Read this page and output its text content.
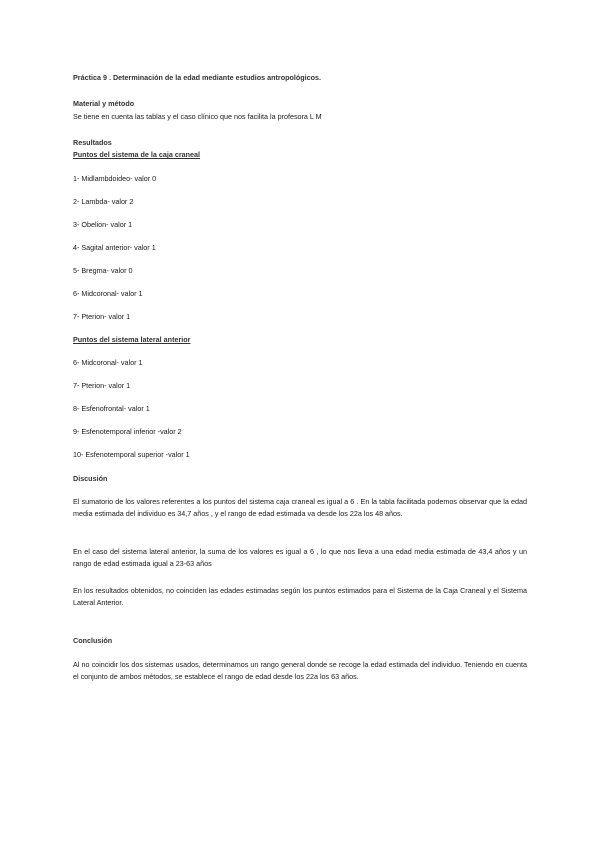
Práctica 9 . Determinación de la edad mediante estudios antropológicos.

Material y método

Se tiene en cuenta las tablas y el caso clínico que nos facilita la profesora L M

Resultados

Puntos del sistema de la caja craneal

1- Midlambdoideo- valor 0

2- Lambda- valor 2

3- Obelion- valor 1

4- Sagital anterior- valor 1

5- Bregma- valor 0

6- Midcoronal- valor 1

7- Pterion- valor 1

Puntos del sistema lateral anterior

6- Midcoronal- valor 1

7- Pterion- valor 1

8- Esfenofrontal- valor 1

9- Esfenotemporal inferior -valor 2

10- Esfenotemporal superior -valor 1

Discusión

El sumatorio de los valores referentes a los puntos del sistema caja craneal es igual a 6 . En la tabla facilitada podemos observar que la edad media estimada del individuo es 34,7 años , y el rango de edad estimada va desde los 22a los 48 años.

En el caso del sistema lateral anterior, la suma de los valores es igual a 6 , lo que nos lleva a una edad media estimada de 43,4 años y un rango de edad estimada igual a 23-63 años

En los resultados obtenidos, no coinciden las edades estimadas según los puntos estimados para el Sistema de la Caja Craneal y el Sistema Lateral Anterior.

Conclusión

Al no coincidir los dos sistemas usados, determinamos un rango general donde se recoge la edad estimada del individuo. Teniendo en cuenta el conjunto de ambos métodos, se establece el rango de edad desde los 22a los 63 años.
